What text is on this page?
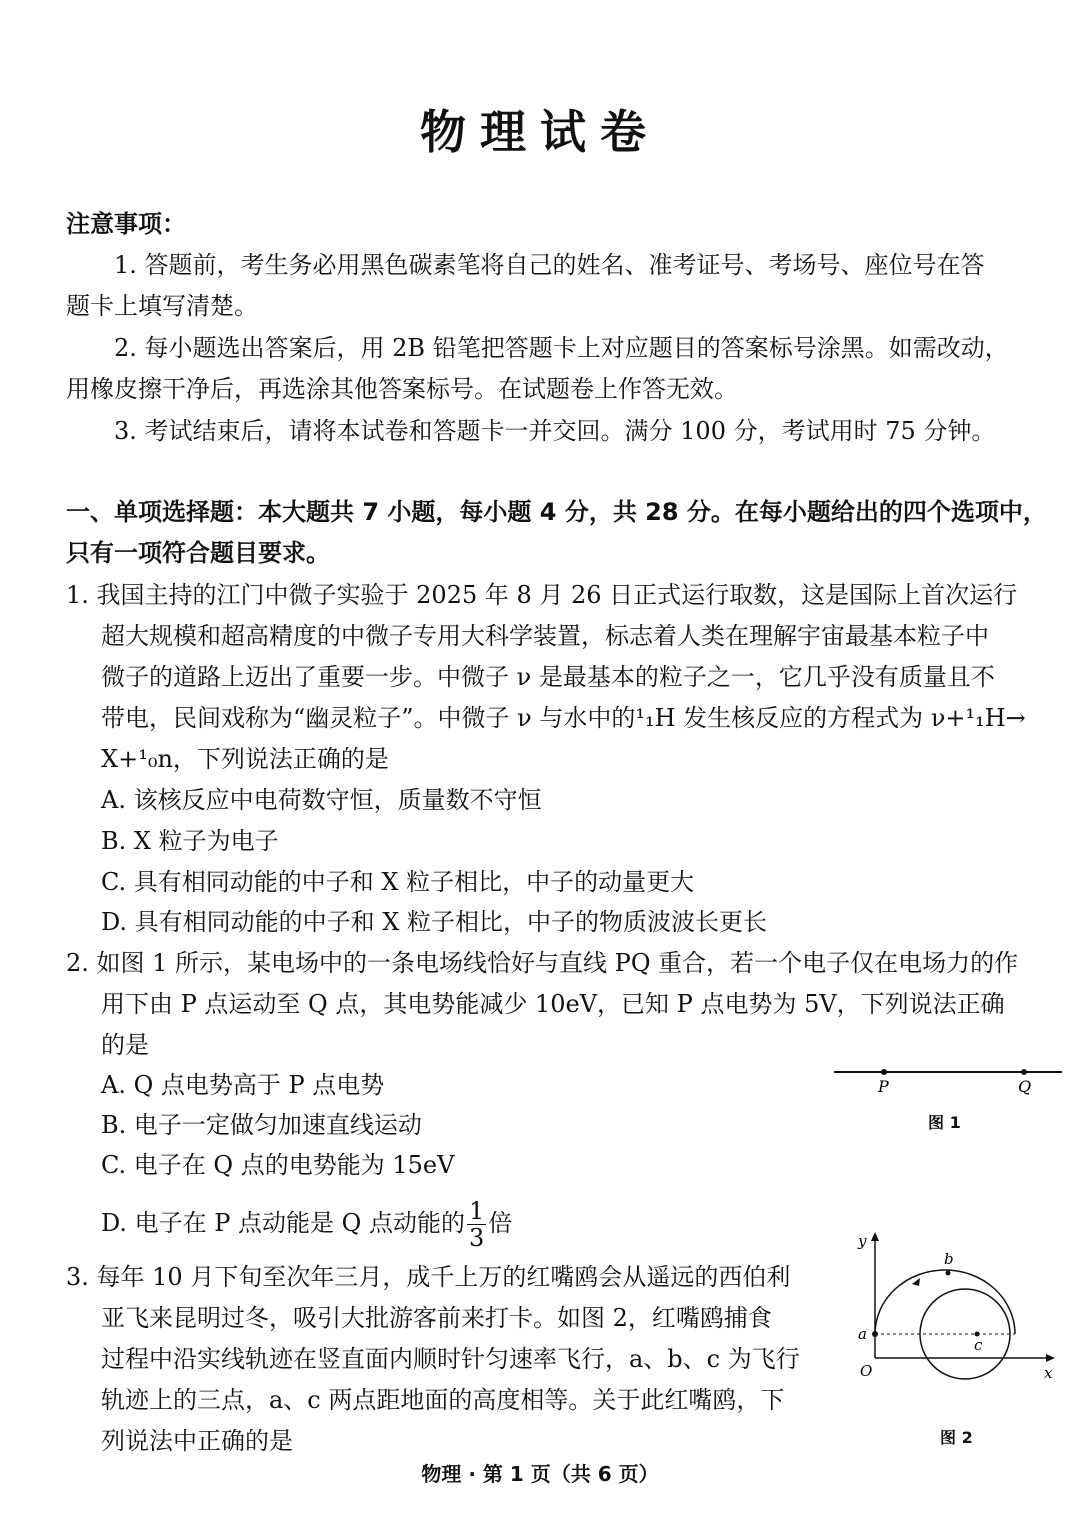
物理试卷
注意事项：
1. 答题前，考生务必用黑色碳素笔将自己的姓名、准考证号、考场号、座位号在答
题卡上填写清楚。
2. 每小题选出答案后，用 2B 铅笔把答题卡上对应题目的答案标号涂黑。如需改动，
用橡皮擦干净后，再选涂其他答案标号。在试题卷上作答无效。
3. 考试结束后，请将本试卷和答题卡一并交回。满分 100 分，考试用时 75 分钟。
一、单项选择题：本大题共 7 小题，每小题 4 分，共 28 分。在每小题给出的四个选项中，
只有一项符合题目要求。
1. 我国主持的江门中微子实验于 2025 年 8 月 26 日正式运行取数，这是国际上首次运行
超大规模和超高精度的中微子专用大科学装置，标志着人类在理解宇宙最基本粒子中
微子的道路上迈出了重要一步。中微子 ν 是最基本的粒子之一，它几乎没有质量且不
带电，民间戏称为“幽灵粒子”。中微子 ν 与水中的¹₁H 发生核反应的方程式为 ν+¹₁H→
X+¹₀n，下列说法正确的是
A. 该核反应中电荷数守恒，质量数不守恒
B. X 粒子为电子
C. 具有相同动能的中子和 X 粒子相比，中子的动量更大
D. 具有相同动能的中子和 X 粒子相比，中子的物质波波长更长
2. 如图 1 所示，某电场中的一条电场线恰好与直线 PQ 重合，若一个电子仅在电场力的作
用下由 P 点运动至 Q 点，其电势能减少 10eV，已知 P 点电势为 5V，下列说法正确
的是
A. Q 点电势高于 P 点电势
B. 电子一定做匀加速直线运动
C. 电子在 Q 点的电势能为 15eV
D. 电子在 P 点动能是 Q 点动能的 $\frac{1}{3}$ 倍
3. 每年 10 月下旬至次年三月，成千上万的红嘴鸥会从遥远的西伯利
亚飞来昆明过冬，吸引大批游客前来打卡。如图 2，红嘴鸥捕食
过程中沿实线轨迹在竖直面内顺时针匀速率飞行，a、b、c 为飞行
轨迹上的三点，a、c 两点距地面的高度相等。关于此红嘴鸥，下
列说法中正确的是
P	Q
图 1
y
x
O
a
b
c
图 2
物理 · 第 1 页（共 6 页）
